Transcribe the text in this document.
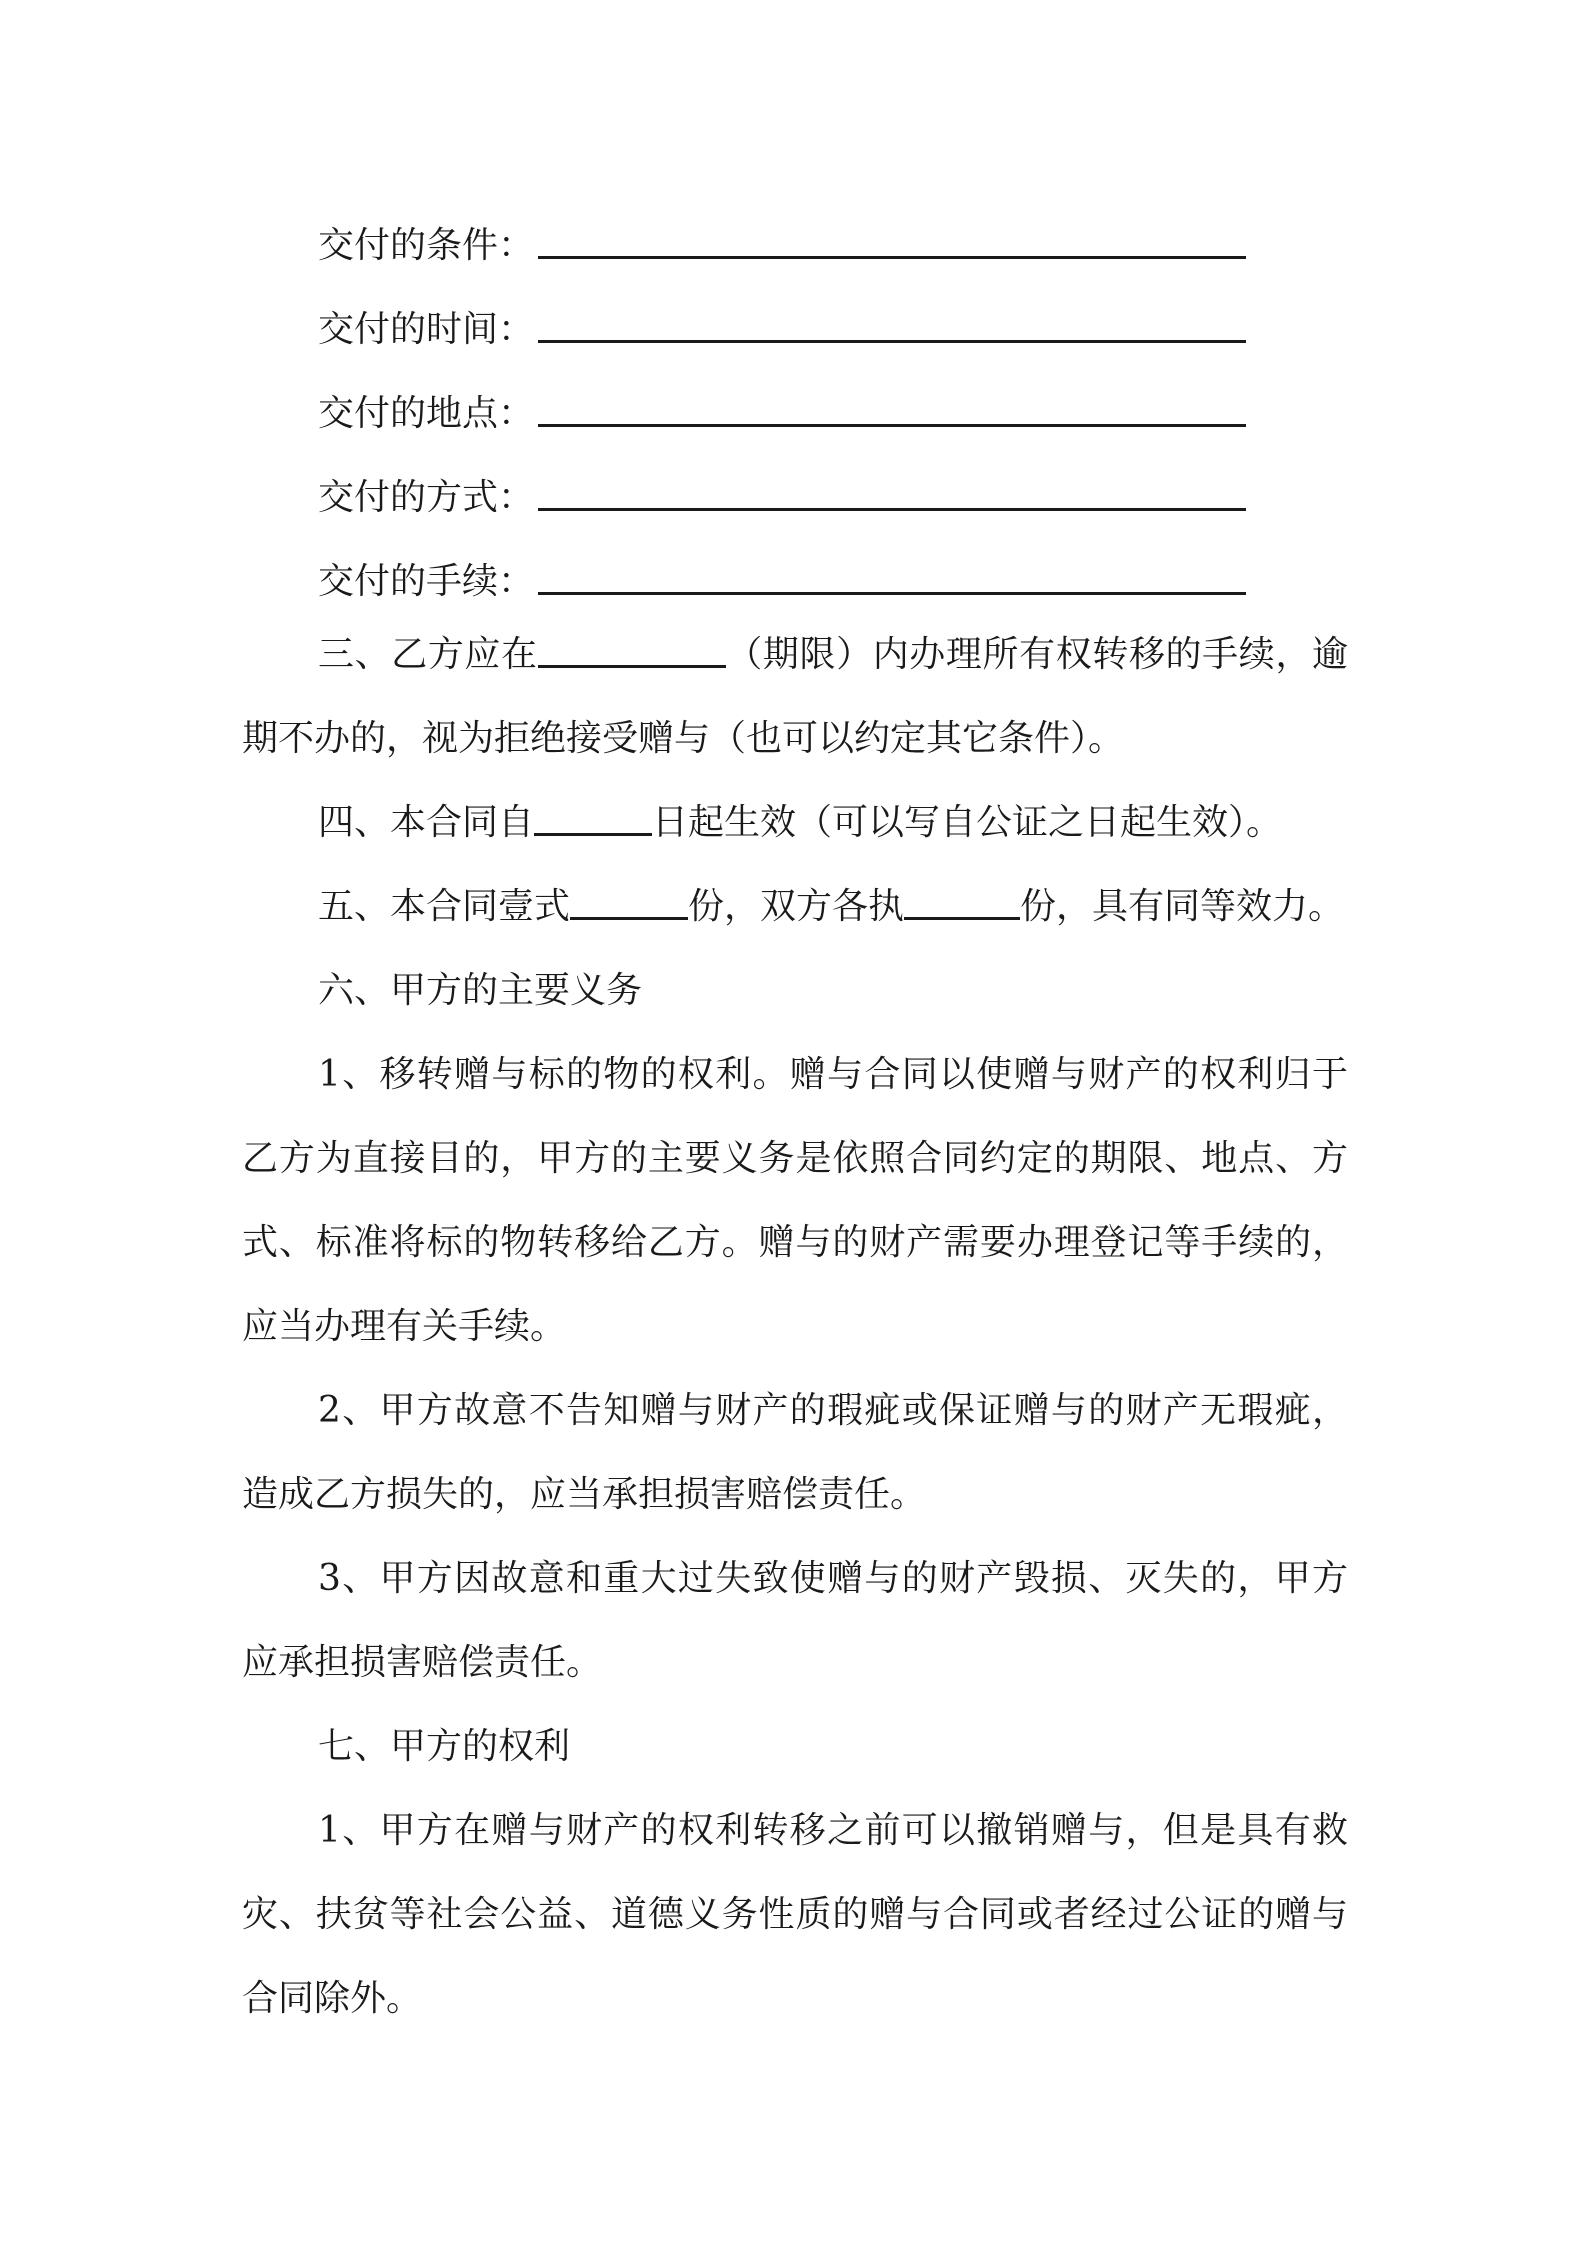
交付的条件：
交付的时间：
交付的地点：
交付的方式：
交付的手续：

三、乙方应在	（期限）内办理所有权转移的手续，逾期不办的，视为拒绝接受赠与（也可以约定其它条件）。

四、本合同自	日起生效（可以写自公证之日起生效）。

五、本合同壹式	份，双方各执	份，具有同等效力。

六、甲方的主要义务

1、移转赠与标的物的权利。赠与合同以使赠与财产的权利归于乙方为直接目的，甲方的主要义务是依照合同约定的期限、地点、方式、标准将标的物转移给乙方。赠与的财产需要办理登记等手续的，应当办理有关手续。

2、甲方故意不告知赠与财产的瑕疵或保证赠与的财产无瑕疵，造成乙方损失的，应当承担损害赔偿责任。

3、甲方因故意和重大过失致使赠与的财产毁损、灭失的，甲方应承担损害赔偿责任。

七、甲方的权利

1、甲方在赠与财产的权利转移之前可以撤销赠与，但是具有救灾、扶贫等社会公益、道德义务性质的赠与合同或者经过公证的赠与合同除外。
